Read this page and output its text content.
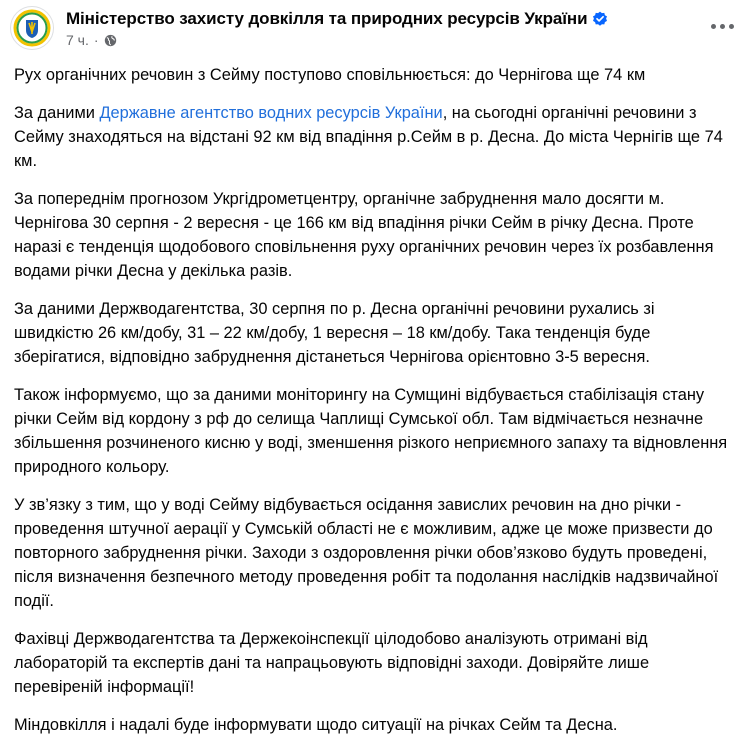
Міністерство захисту довкілля та природних ресурсів України
7 ч. ·

Рух органічних речовин з Сейму поступово сповільнюється: до Чернігова ще 74 км

За даними Державне агентство водних ресурсів України, на сьогодні органічні речовини з Сейму знаходяться на відстані 92 км від впадіння р.Сейм в р. Десна. До міста Чернігів ще 74 км.

За попереднім прогнозом Укргідрометцентру, органічне забруднення мало досягти м. Чернігова 30 серпня - 2 вересня - це 166 км від впадіння річки Сейм в річку Десна. Проте наразі є тенденція щодобового сповільнення руху органічних речовин через їх розбавлення водами річки Десна у декілька разів.

За даними Держводагентства, 30 серпня по р. Десна органічні речовини рухались зі швидкістю 26 км/добу, 31 – 22 км/добу, 1 вересня – 18 км/добу. Така тенденція буде зберігатися, відповідно забруднення дістанеться Чернігова орієнтовно 3-5 вересня.

Також інформуємо, що за даними моніторингу на Сумщині відбувається стабілізація стану річки Сейм від кордону з рф до селища Чаплищі Сумської обл. Там відмічається незначне збільшення розчиненого кисню у воді, зменшення різкого неприємного запаху та відновлення природного кольору.

У зв’язку з тим, що у воді Сейму відбувається осідання завислих речовин на дно річки - проведення штучної аерації у Сумській області не є можливим, адже це може призвести до повторного забруднення річки. Заходи з оздоровлення річки обов’язково будуть проведені, після визначення безпечного методу проведення робіт та подолання наслідків надзвичайної події.

Фахівці Держводагентства та Держекоінспекції цілодобово аналізують отримані від лабораторій та експертів дані та напрацьовують відповідні заходи. Довіряйте лише перевіреній інформації!

Міндовкілля і надалі буде інформувати щодо ситуації на річках Сейм та Десна.
